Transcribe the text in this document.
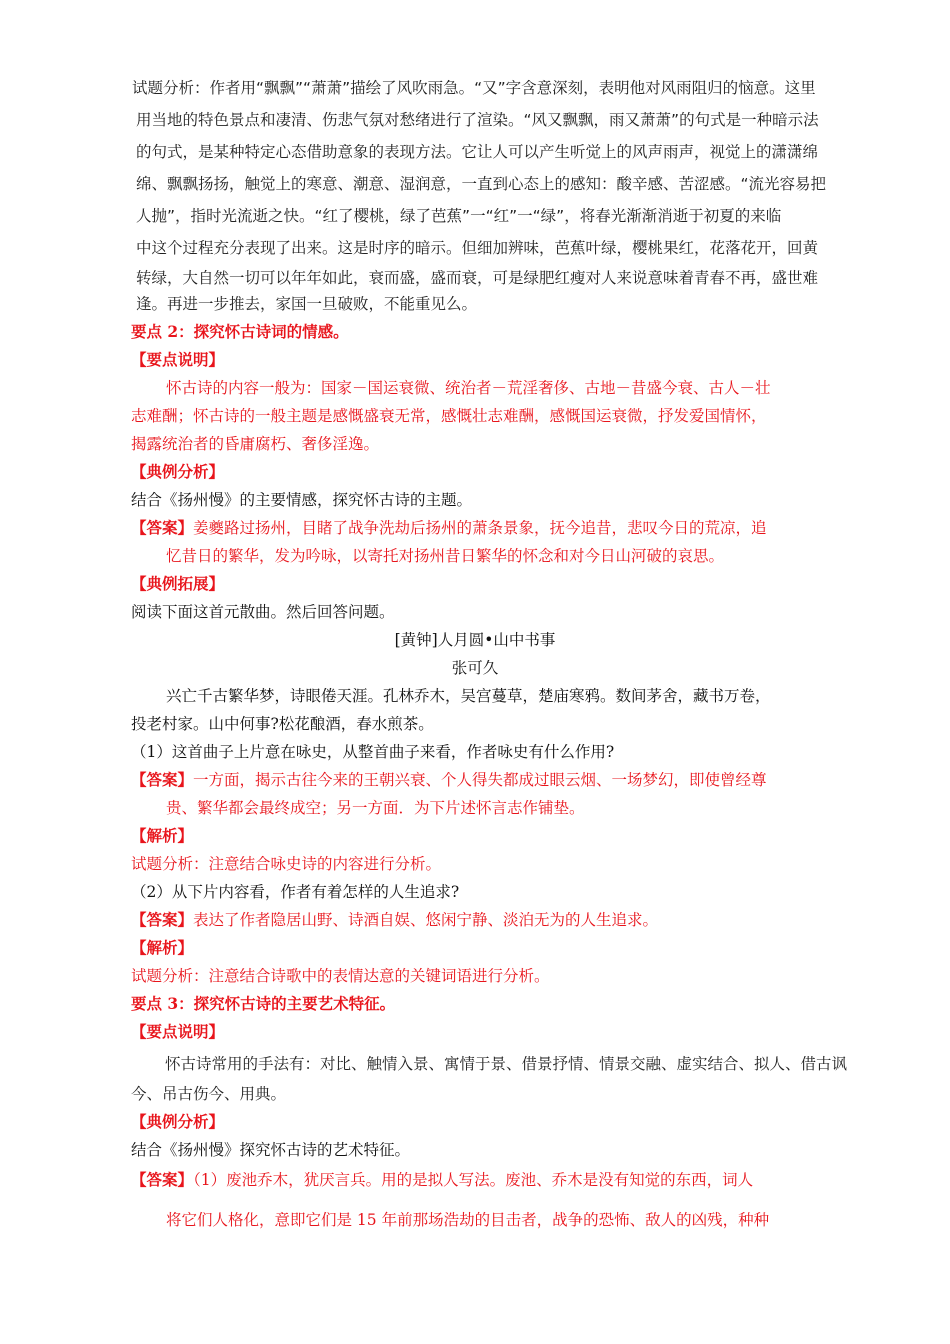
试题分析：作者用“飘飘”“萧萧”描绘了风吹雨急。“又”字含意深刻，表明他对风雨阻归的恼意。这里
用当地的特色景点和凄清、伤悲气氛对愁绪进行了渲染。“风又飘飘，雨又萧萧”的句式是一种暗示法
的句式，是某种特定心态借助意象的表现方法。它让人可以产生听觉上的风声雨声，视觉上的潇潇绵
绵、飘飘扬扬，触觉上的寒意、潮意、湿润意，一直到心态上的感知：酸辛感、苦涩感。“流光容易把
人抛”，指时光流逝之快。“红了樱桃，绿了芭蕉”一“红”一“绿”，将春光渐渐消逝于初夏的来临
中这个过程充分表现了出来。这是时序的暗示。但细加辨味，芭蕉叶绿，樱桃果红，花落花开，回黄
转绿，大自然一切可以年年如此，衰而盛，盛而衰，可是绿肥红瘦对人来说意味着青春不再，盛世难
逢。再进一步推去，家国一旦破败，不能重见么。
要点 2：探究怀古诗词的情感。
【要点说明】
怀古诗的内容一般为：国家－国运衰微、统治者－荒淫奢侈、古地－昔盛今衰、古人－壮
志难酬；怀古诗的一般主题是感慨盛衰无常，感慨壮志难酬，感慨国运衰微，抒发爱国情怀，
揭露统治者的昏庸腐朽、奢侈淫逸。
【典例分析】
结合《扬州慢》的主要情感，探究怀古诗的主题。
【答案】姜夔路过扬州，目睹了战争洗劫后扬州的萧条景象，抚今追昔，悲叹今日的荒凉，追
忆昔日的繁华，发为吟咏，以寄托对扬州昔日繁华的怀念和对今日山河破的哀思。
【典例拓展】
阅读下面这首元散曲。然后回答问题。
[黄钟]人月圆•山中书事
张可久
兴亡千古繁华梦，诗眼倦天涯。孔林乔木，吴宫蔓草，楚庙寒鸦。数间茅舍，藏书万卷，
投老村家。山中何事?松花酿酒，春水煎茶。
（1）这首曲子上片意在咏史，从整首曲子来看，作者咏史有什么作用?
【答案】一方面，揭示古往今来的王朝兴衰、个人得失都成过眼云烟、一场梦幻，即使曾经尊
贵、繁华都会最终成空；另一方面．为下片述怀言志作铺垫。
【解析】
试题分析：注意结合咏史诗的内容进行分析。
（2）从下片内容看，作者有着怎样的人生追求?
【答案】表达了作者隐居山野、诗酒自娱、悠闲宁静、淡泊无为的人生追求。
【解析】
试题分析：注意结合诗歌中的表情达意的关键词语进行分析。
要点 3：探究怀古诗的主要艺术特征。
【要点说明】
怀古诗常用的手法有：对比、触情入景、寓情于景、借景抒情、情景交融、虚实结合、拟人、借古讽
今、吊古伤今、用典。
【典例分析】
结合《扬州慢》探究怀古诗的艺术特征。
【答案】（1）废池乔木，犹厌言兵。用的是拟人写法。废池、乔木是没有知觉的东西，词人
将它们人格化，意即它们是 15 年前那场浩劫的目击者，战争的恐怖、敌人的凶残，种种
